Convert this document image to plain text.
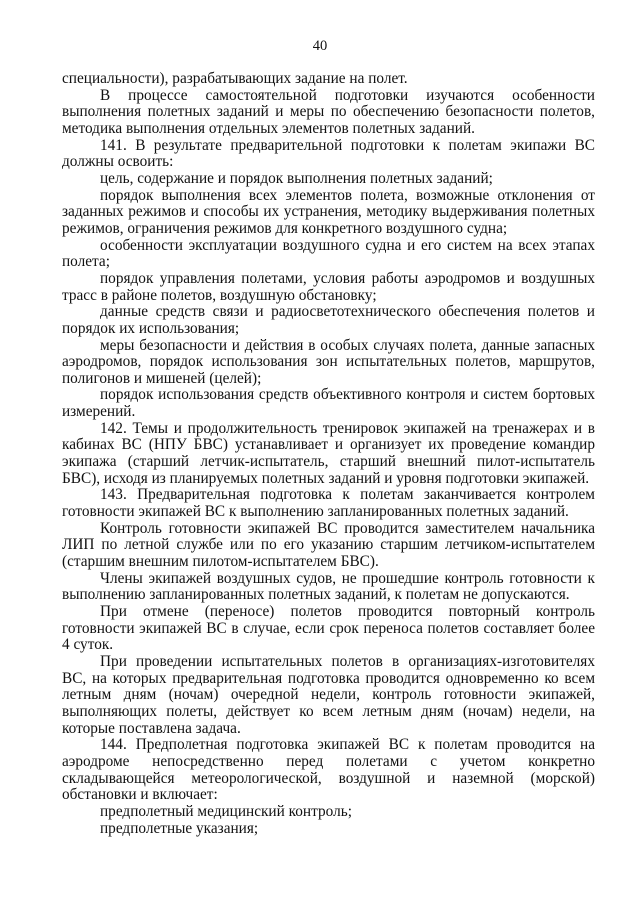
40

специальности), разрабатывающих задание на полет.

В процессе самостоятельной подготовки изучаются особенности выполнения полетных заданий и меры по обеспечению безопасности полетов, методика выполнения отдельных элементов полетных заданий.

141. В результате предварительной подготовки к полетам экипажи ВС должны освоить:

цель, содержание и порядок выполнения полетных заданий;

порядок выполнения всех элементов полета, возможные отклонения от заданных режимов и способы их устранения, методику выдерживания полетных режимов, ограничения режимов для конкретного воздушного судна;

особенности эксплуатации воздушного судна и его систем на всех этапах полета;

порядок управления полетами, условия работы аэродромов и воздушных трасс в районе полетов, воздушную обстановку;

данные средств связи и радиосветотехнического обеспечения полетов и порядок их использования;

меры безопасности и действия в особых случаях полета, данные запасных аэродромов, порядок использования зон испытательных полетов, маршрутов, полигонов и мишеней (целей);

порядок использования средств объективного контроля и систем бортовых измерений.

142. Темы и продолжительность тренировок экипажей на тренажерах и в кабинах ВС (НПУ БВС) устанавливает и организует их проведение командир экипажа (старший летчик-испытатель, старший внешний пилот-испытатель БВС), исходя из планируемых полетных заданий и уровня подготовки экипажей.

143. Предварительная подготовка к полетам заканчивается контролем готовности экипажей ВС к выполнению запланированных полетных заданий.

Контроль готовности экипажей ВС проводится заместителем начальника ЛИП по летной службе или по его указанию старшим летчиком-испытателем (старшим внешним пилотом-испытателем БВС).

Члены экипажей воздушных судов, не прошедшие контроль готовности к выполнению запланированных полетных заданий, к полетам не допускаются.

При отмене (переносе) полетов проводится повторный контроль готовности экипажей ВС в случае, если срок переноса полетов составляет более 4 суток.

При проведении испытательных полетов в организациях-изготовителях ВС, на которых предварительная подготовка проводится одновременно ко всем летным дням (ночам) очередной недели, контроль готовности экипажей, выполняющих полеты, действует ко всем летным дням (ночам) недели, на которые поставлена задача.

144. Предполетная подготовка экипажей ВС к полетам проводится на аэродроме непосредственно перед полетами с учетом конкретно складывающейся метеорологической, воздушной и наземной (морской) обстановки и включает:

предполетный медицинский контроль;

предполетные указания;
